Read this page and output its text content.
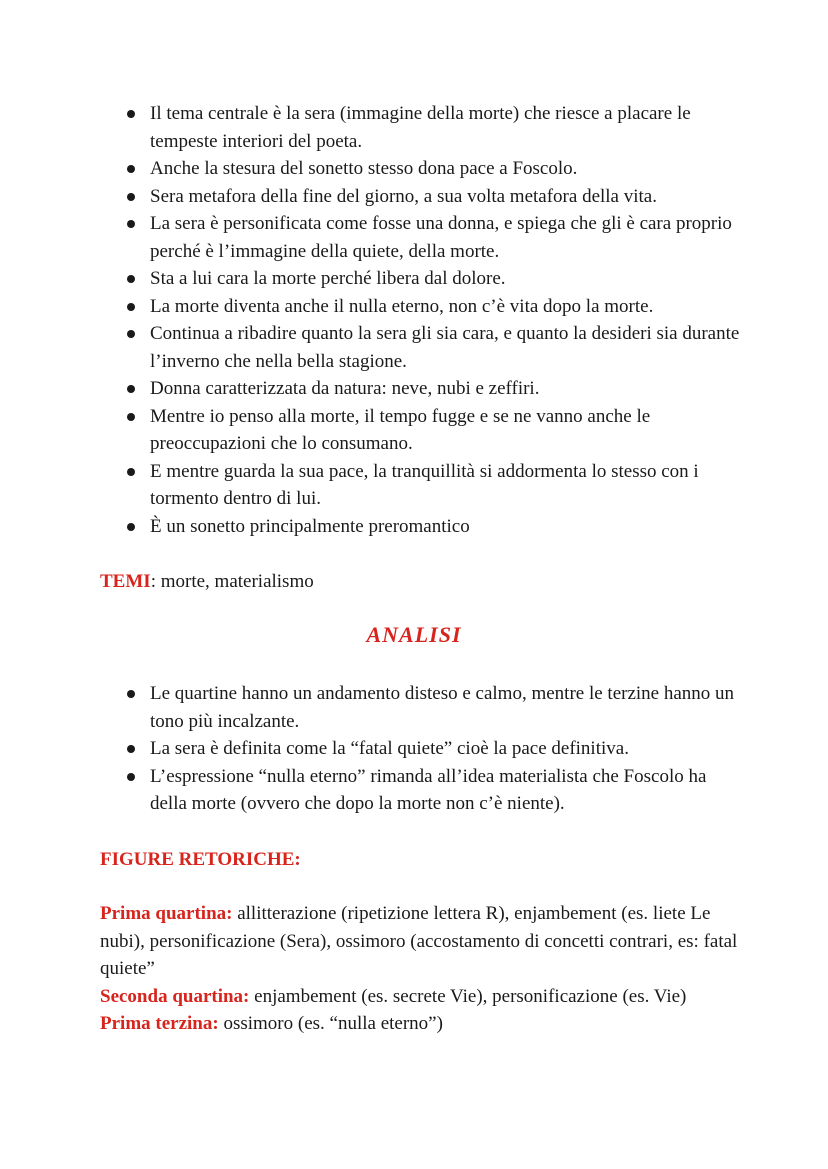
Il tema centrale è la sera (immagine della morte) che riesce a placare le tempeste interiori del poeta.
Anche la stesura del sonetto stesso dona pace a Foscolo.
Sera metafora della fine del giorno, a sua volta metafora della vita.
La sera è personificata come fosse una donna, e spiega che gli è cara proprio perché è l’immagine della quiete, della morte.
Sta a lui cara la morte perché libera dal dolore.
La morte diventa anche il nulla eterno, non c’è vita dopo la morte.
Continua a ribadire quanto la sera gli sia cara, e quanto la desideri sia durante l’inverno che nella bella stagione.
Donna caratterizzata da natura: neve, nubi e zeffiri.
Mentre io penso alla morte, il tempo fugge e se ne vanno anche le preoccupazioni che lo consumano.
E mentre guarda la sua pace, la tranquillità si addormenta lo stesso con i tormento dentro di lui.
È un sonetto principalmente preromantico

TEMI: morte, materialismo

ANALISI
Le quartine hanno un andamento disteso e calmo, mentre le terzine hanno un tono più incalzante.
La sera è definita come la “fatal quiete” cioè la pace definitiva.
L’espressione “nulla eterno” rimanda all’idea materialista che Foscolo ha della morte (ovvero che dopo la morte non c’è niente).

FIGURE RETORICHE:

Prima quartina: allitterazione (ripetizione lettera R), enjambement (es. liete Le nubi), personificazione (Sera), ossimoro (accostamento di concetti contrari, es: fatal quiete”

Seconda quartina: enjambement (es. secrete Vie), personificazione (es. Vie)

Prima terzina: ossimoro (es. “nulla eterno”)
